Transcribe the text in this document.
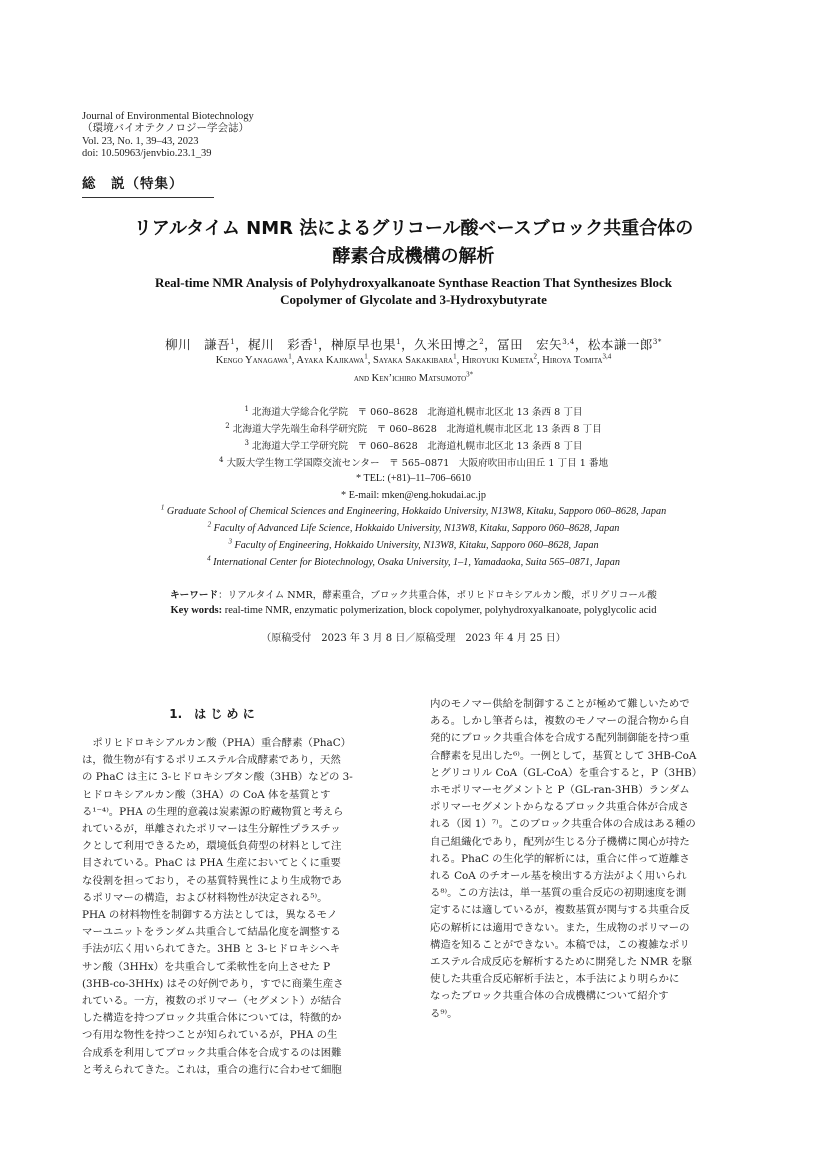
Journal of Environmental Biotechnology
（環境バイオテクノロジー学会誌）
Vol. 23, No. 1, 39–43, 2023
doi: 10.50963/jenvbio.23.1_39
総　説（特集）
リアルタイム NMR 法によるグリコール酸ベースブロック共重合体の
酵素合成機構の解析
Real-time NMR Analysis of Polyhydroxyalkanoate Synthase Reaction That Synthesizes Block
Copolymer of Glycolate and 3-Hydroxybutyrate
柳川　謙吾$^1$，梶川　彩香$^1$，榊原早也果$^1$，久米田博之$^2$，冨田　宏矢$^{3,4}$，松本謙一郎$^{3*}$
Kengo Yanagawa$^1$, Ayaka Kajikawa$^1$, Sayaka Sakakibara$^1$, Hiroyuki Kumeta$^2$, Hiroya Tomita$^{3,4}$
and Ken’ichiro Matsumoto$^{3*}$
$^1$ 北海道大学総合化学院　〒 060–8628　北海道札幌市北区北 13 条西 8 丁目
$^2$ 北海道大学先端生命科学研究院　〒 060–8628　北海道札幌市北区北 13 条西 8 丁目
$^3$ 北海道大学工学研究院　〒 060–8628　北海道札幌市北区北 13 条西 8 丁目
$^4$ 大阪大学生物工学国際交流センター　〒 565–0871　大阪府吹田市山田丘 1 丁目 1 番地
* TEL: (+81)–11–706–6610
* E-mail: mken@eng.hokudai.ac.jp
$^1$ Graduate School of Chemical Sciences and Engineering, Hokkaido University, N13W8, Kitaku, Sapporo 060–8628, Japan
$^2$ Faculty of Advanced Life Science, Hokkaido University, N13W8, Kitaku, Sapporo 060–8628, Japan
$^3$ Faculty of Engineering, Hokkaido University, N13W8, Kitaku, Sapporo 060–8628, Japan
$^4$ International Center for Biotechnology, Osaka University, 1–1, Yamadaoka, Suita 565–0871, Japan
キーワード：リアルタイム NMR，酵素重合，ブロック共重合体，ポリヒドロキシアルカン酸，ポリグリコール酸
Key words: real-time NMR, enzymatic polymerization, block copolymer, polyhydroxyalkanoate, polyglycolic acid
（原稿受付　2023 年 3 月 8 日／原稿受理　2023 年 4 月 25 日）
1.　は じ め に
　ポリヒドロキシアルカン酸（PHA）重合酵素（PhaC）
は，微生物が有するポリエステル合成酵素であり，天然
の PhaC は主に 3-ヒドロキシブタン酸（3HB）などの 3-
ヒドロキシアルカン酸（3HA）の CoA 体を基質とす
る¹⁻⁴⁾。PHA の生理的意義は炭素源の貯蔵物質と考えら
れているが，単離されたポリマーは生分解性プラスチッ
クとして利用できるため，環境低負荷型の材料として注
目されている。PhaC は PHA 生産においてとくに重要
な役割を担っており，その基質特異性により生成物であ
るポリマーの構造，および材料物性が決定される⁵⁾。
PHA の材料物性を制御する方法としては，異なるモノ
マーユニットをランダム共重合して結晶化度を調整する
手法が広く用いられてきた。3HB と 3-ヒドロキシヘキ
サン酸（3HHx）を共重合して柔軟性を向上させた P
(3HB-co-3HHx) はその好例であり，すでに商業生産さ
れている。一方，複数のポリマー（セグメント）が結合
した構造を持つブロック共重合体については，特徴的か
つ有用な物性を持つことが知られているが，PHA の生
合成系を利用してブロック共重合体を合成するのは困難
と考えられてきた。これは，重合の進行に合わせて細胞
内のモノマー供給を制御することが極めて難しいためで
ある。しかし筆者らは，複数のモノマーの混合物から自
発的にブロック共重合体を合成する配列制御能を持つ重
合酵素を見出した⁶⁾。一例として，基質として 3HB-CoA
とグリコリル CoA（GL-CoA）を重合すると，P（3HB）
ホモポリマーセグメントと P（GL-ran-3HB）ランダム
ポリマーセグメントからなるブロック共重合体が合成さ
れる（図 1）⁷⁾。このブロック共重合体の合成はある種の
自己組織化であり，配列が生じる分子機構に関心が持た
れる。PhaC の生化学的解析には，重合に伴って遊離さ
れる CoA のチオール基を検出する方法がよく用いられ
る⁸⁾。この方法は，単一基質の重合反応の初期速度を測
定するには適しているが，複数基質が関与する共重合反
応の解析には適用できない。また，生成物のポリマーの
構造を知ることができない。本稿では，この複雑なポリ
エステル合成反応を解析するために開発した NMR を駆
使した共重合反応解析手法と，本手法により明らかに
なったブロック共重合体の合成機構について紹介す
る⁹⁾。
